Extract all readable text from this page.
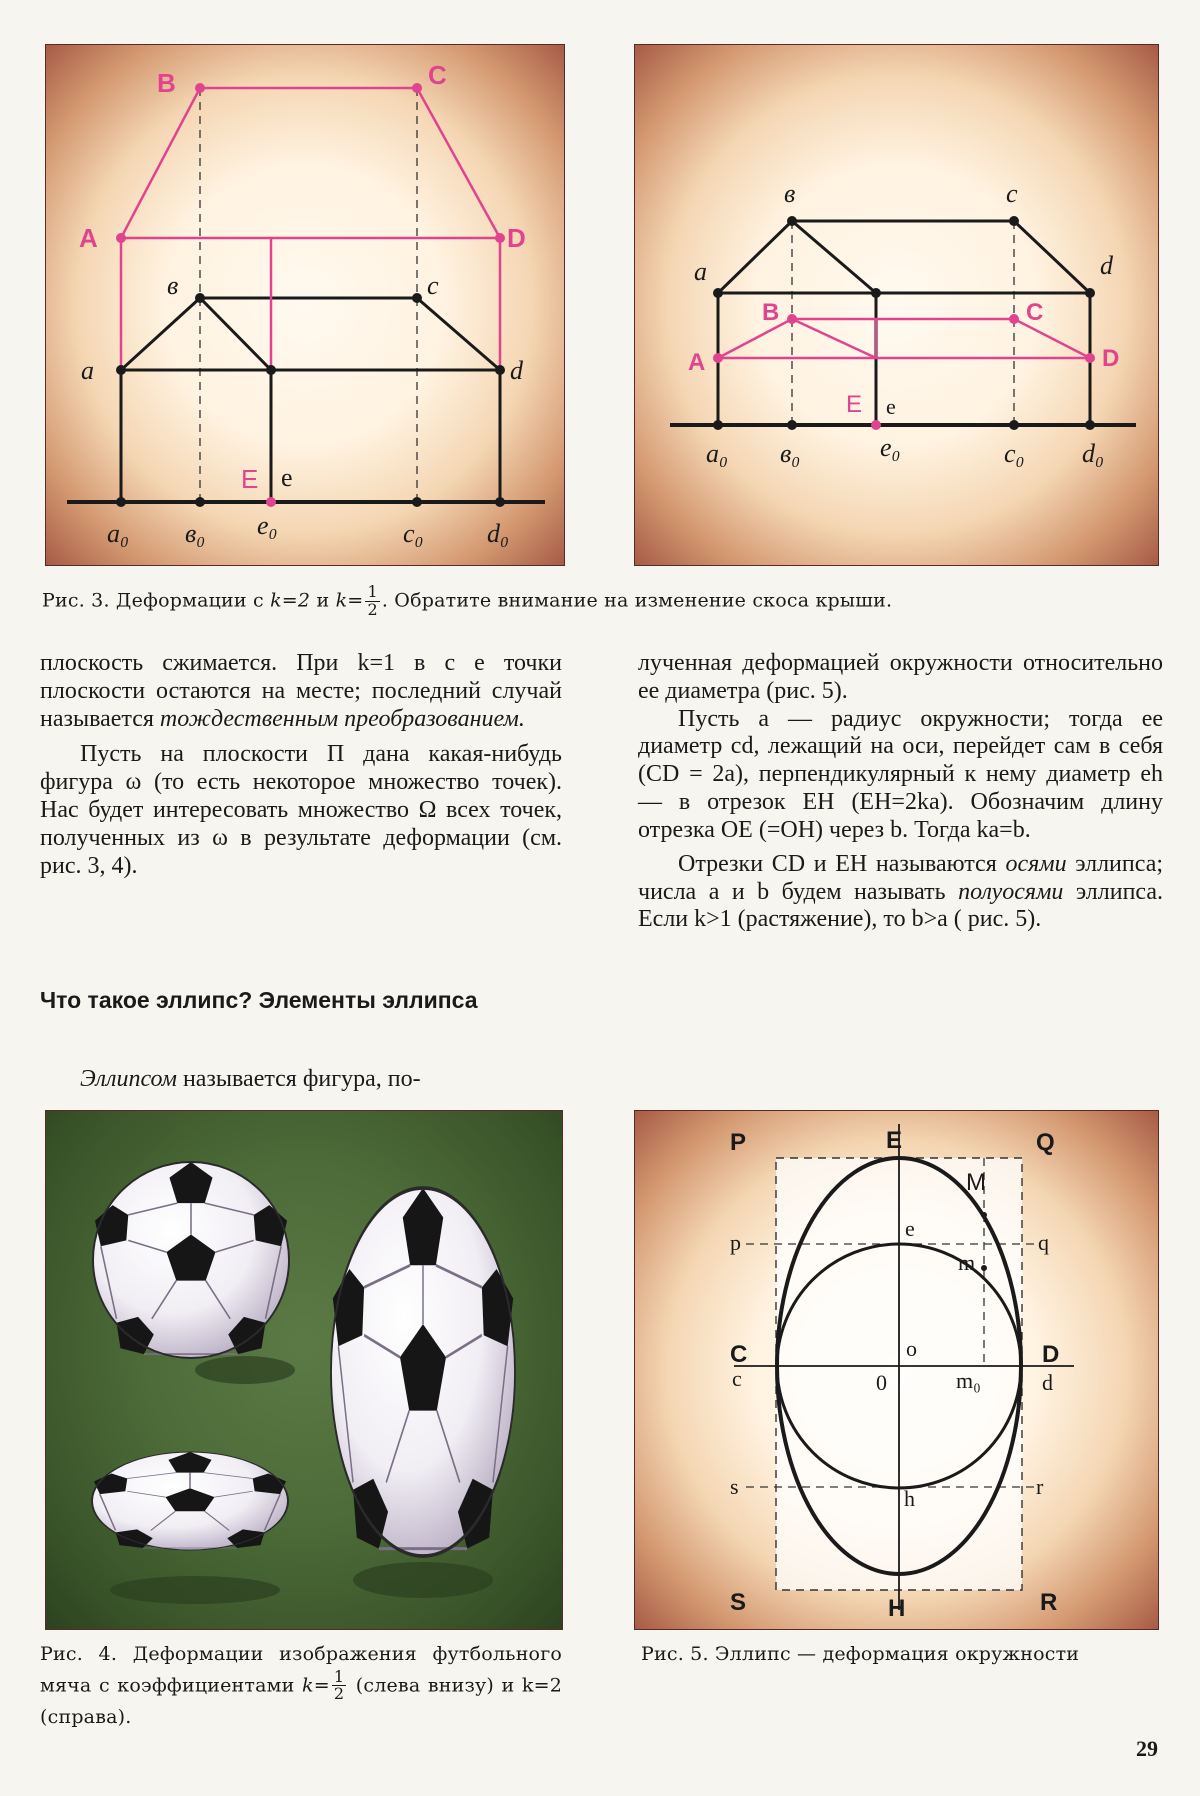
B	C
A	D
E
в	c
a	d
e
a₀ в₀ e₀	c₀ d₀
в	c
a	d
e
a₀ в₀	e₀	c₀ d₀
B	C
A	D
E
Рис. 3. Деформации с k=2 и $k= \frac{1}{2}$ . Обратите внимание на изменение скоса крыши.

плоскость сжимается. При k=1 в с е точки плоскости остаются на месте; последний случай называется тождественным преобразованием.

Пусть на плоскости Π дана какая-нибудь фигура ω (то есть некоторое множество точек). Нас будет интересовать множество Ω всех точек, полученных из ω в результате деформации (см. рис. 3, 4).

Что такое эллипс? Элементы эллипса

Эллипсом называется фигура, по-

лученная деформацией окружности относительно ее диаметра (рис. 5).

Пусть a — радиус окружности; тогда ее диаметр cd, лежащий на оси, перейдет сам в себя (CD = 2a), перпендикулярный к нему диаметр eh — в отрезок EH (EH=2ka). Обозначим длину отрезка OE (=OH) через b. Тогда ka=b.

Отрезки CD и EH называются осями эллипса; числа a и b будем называть полуосями эллипса. Если k>1 (растяжение), то b>a ( рис. 5).

Рис. 4. Деформации изображения футбольного мяча с коэффициентами $k= \frac{1}{2}$ (слева внизу) и k=2 (справа).
P	E	Q
M
C	D
S	H	R
p
e
q
m
c
o
d
0	m₀
s	h	r
Рис. 5. Эллипс — деформация окружности
29
